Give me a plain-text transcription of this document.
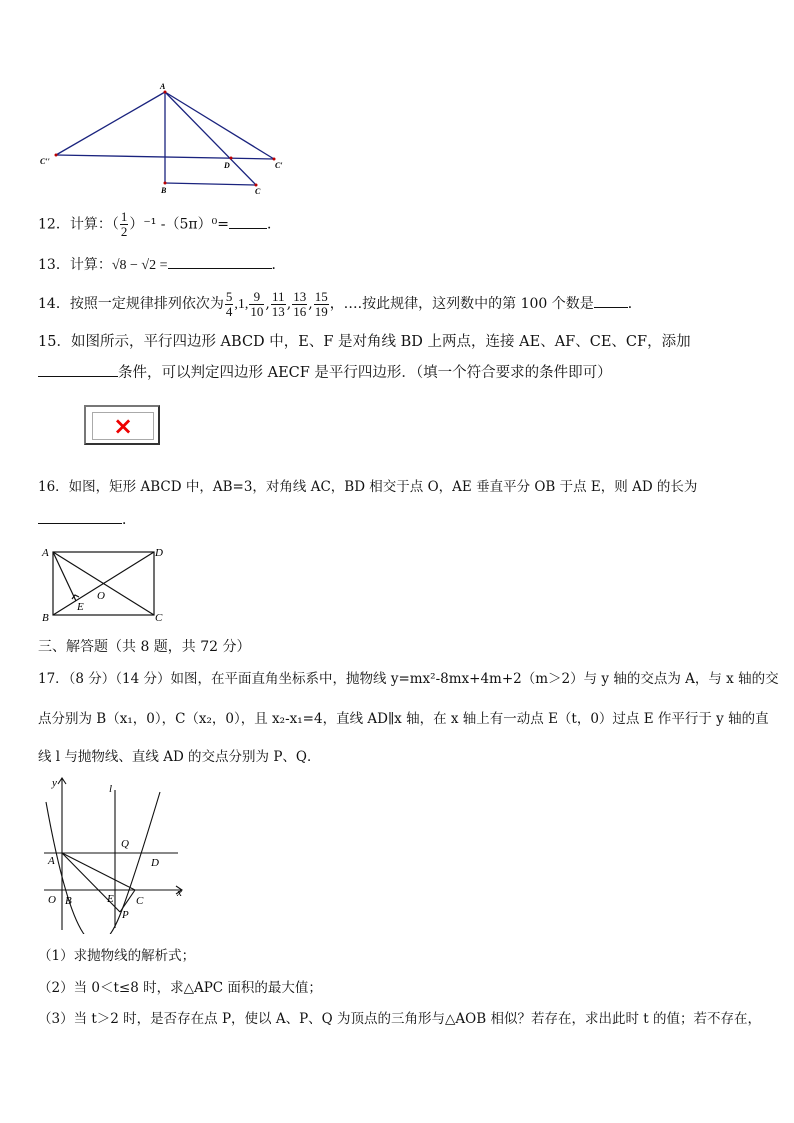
A
C′′	C′
D
B	C
12．计算：（ $\frac{1}{2} )^{-1}$ -（5π）⁰=	．
13．计算：√8 − √2 =	．
14．按照一定规律排列依次为 $\frac{5}{4} ,1$, $\frac{9}{10}$ , $\frac{11}{13}$ , $\frac{13}{16}$ , $\frac{15}{19}$ ，….按此规律，这列数中的第 100 个数是 ．
15．如图所示，平行四边形 ABCD 中，E、F 是对角线 BD 上两点，连接 AE、AF、CE、CF，添加
条件，可以判定四边形 AECF 是平行四边形．（填一个符合要求的条件即可）
×
16．如图，矩形 ABCD 中，AB=3，对角线 AC，BD 相交于点 O，AE 垂直平分 OB 于点 E，则 AD 的长为
．
A	D
B	C
E
O
三、解答题（共 8 题，共 72 分）
17．（8 分）（14 分）如图，在平面直角坐标系中，抛物线 y=mx²-8mx+4m+2（m＞2）与 y 轴的交点为 A，与 x 轴的交
点分别为 B（x₁，0），C（x₂，0），且 x₂-x₁=4，直线 AD∥x 轴，在 x 轴上有一动点 E（t，0）过点 E 作平行于 y 轴的直
线 l 与抛物线、直线 AD 的交点分别为 P、Q．
y	l
x
Q
A	D
O B	E C
P
（1）求抛物线的解析式；
（2）当 0＜t≤8 时，求△APC 面积的最大值；
（3）当 t＞2 时，是否存在点 P，使以 A、P、Q 为顶点的三角形与△AOB 相似？若存在，求出此时 t 的值；若不存在，
